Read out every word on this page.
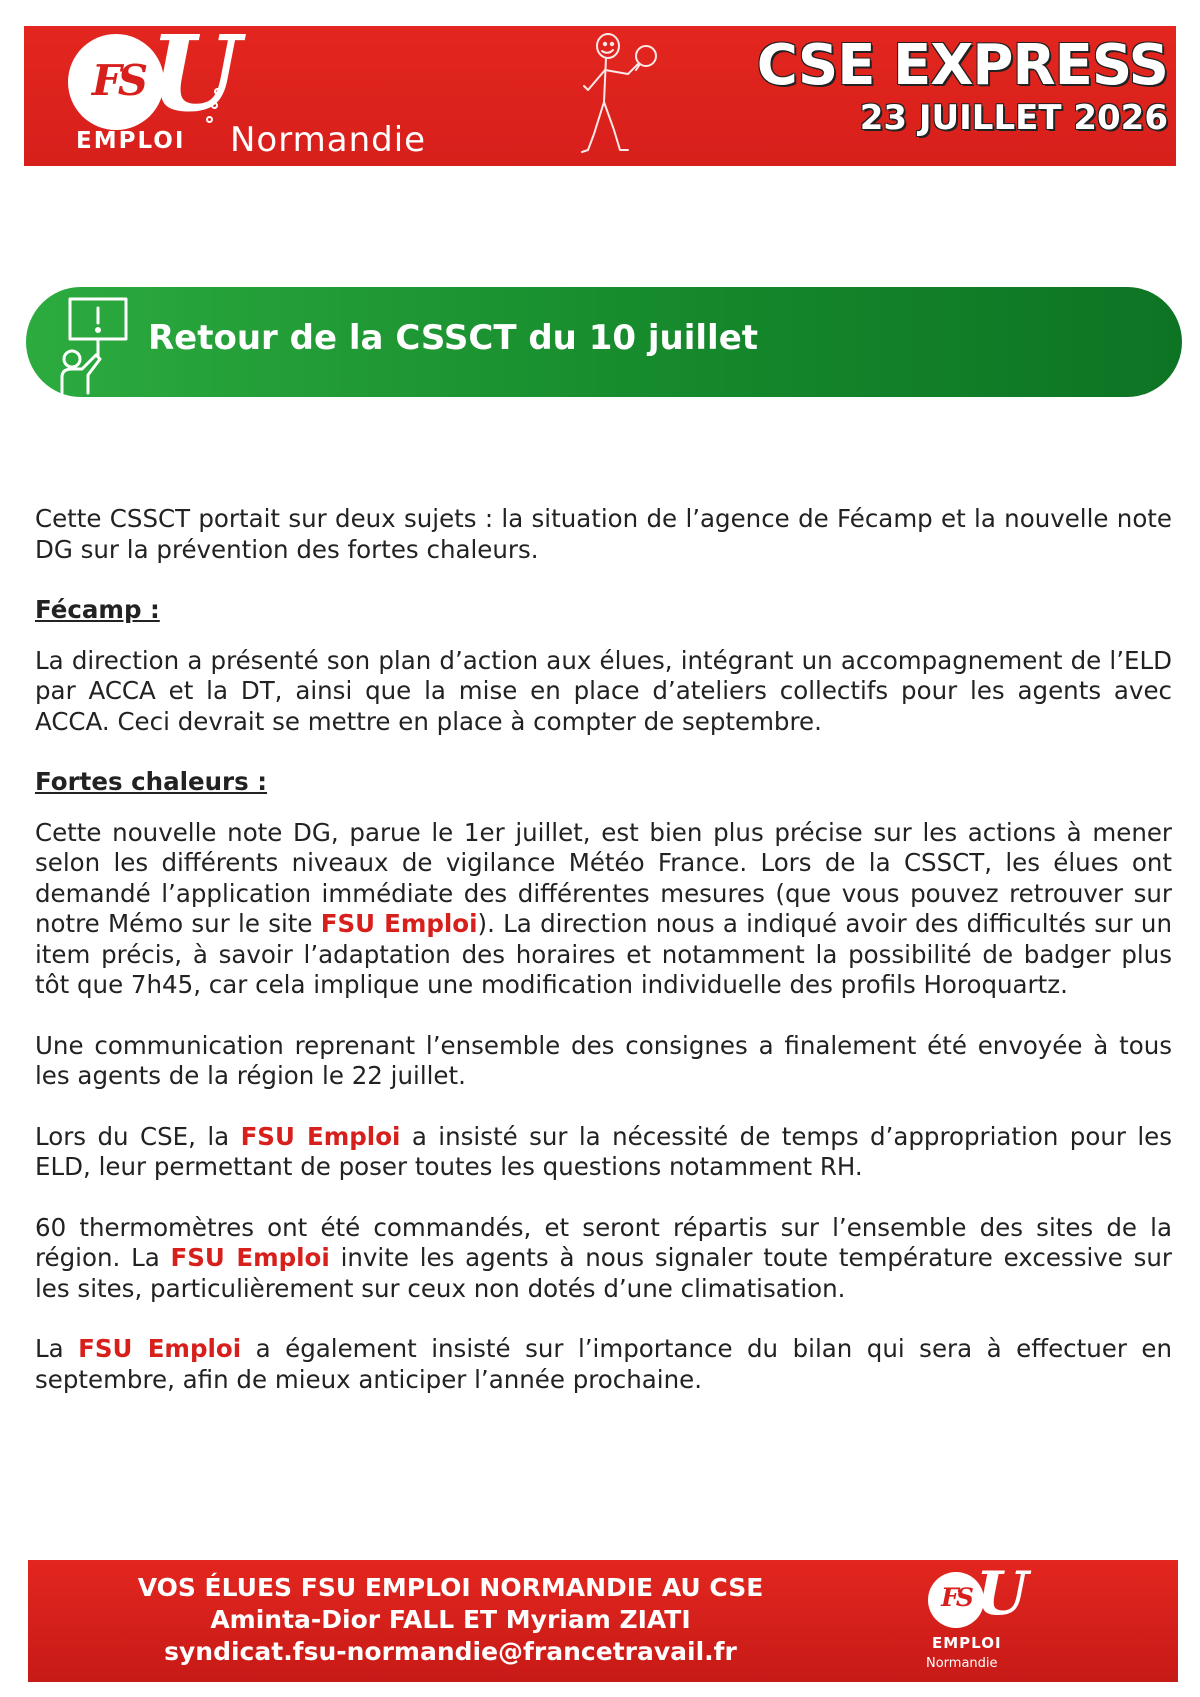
FS U
EMPLOI Normandie
CSE EXPRESS
23 JUILLET 2026
Retour de la CSSCT du 10 juillet

Cette CSSCT portait sur deux sujets : la situation de l’agence de Fécamp et la nouvelle note DG sur la prévention des fortes chaleurs.

Fécamp :

La direction a présenté son plan d’action aux élues, intégrant un accompagnement de l’ELD par ACCA et la DT, ainsi que la mise en place d’ateliers collectifs pour les agents avec ACCA. Ceci devrait se mettre en place à compter de septembre.

Fortes chaleurs :

Cette nouvelle note DG, parue le 1er juillet, est bien plus précise sur les actions à mener selon les différents niveaux de vigilance Météo France. Lors de la CSSCT, les élues ont demandé l’application immédiate des différentes mesures (que vous pouvez retrouver sur notre Mémo sur le site FSU Emploi). La direction nous a indiqué avoir des difficultés sur un item précis, à savoir l’adaptation des horaires et notamment la possibilité de badger plus tôt que 7h45, car cela implique une modification individuelle des profils Horoquartz.

Une communication reprenant l’ensemble des consignes a finalement été envoyée à tous les agents de la région le 22 juillet.

Lors du CSE, la FSU Emploi a insisté sur la nécessité de temps d’appropriation pour les ELD, leur permettant de poser toutes les questions notamment RH.

60 thermomètres ont été commandés, et seront répartis sur l’ensemble des sites de la région. La FSU Emploi invite les agents à nous signaler toute température excessive sur les sites, particulièrement sur ceux non dotés d’une climatisation.

La FSU Emploi a également insisté sur l’importance du bilan qui sera à effectuer en septembre, afin de mieux anticiper l’année prochaine.

VOS ÉLUES FSU EMPLOI NORMANDIE AU CSE
Aminta-Dior FALL ET Myriam ZIATI
syndicat.fsu-normandie@francetravail.fr
FS U
EMPLOI
Normandie
